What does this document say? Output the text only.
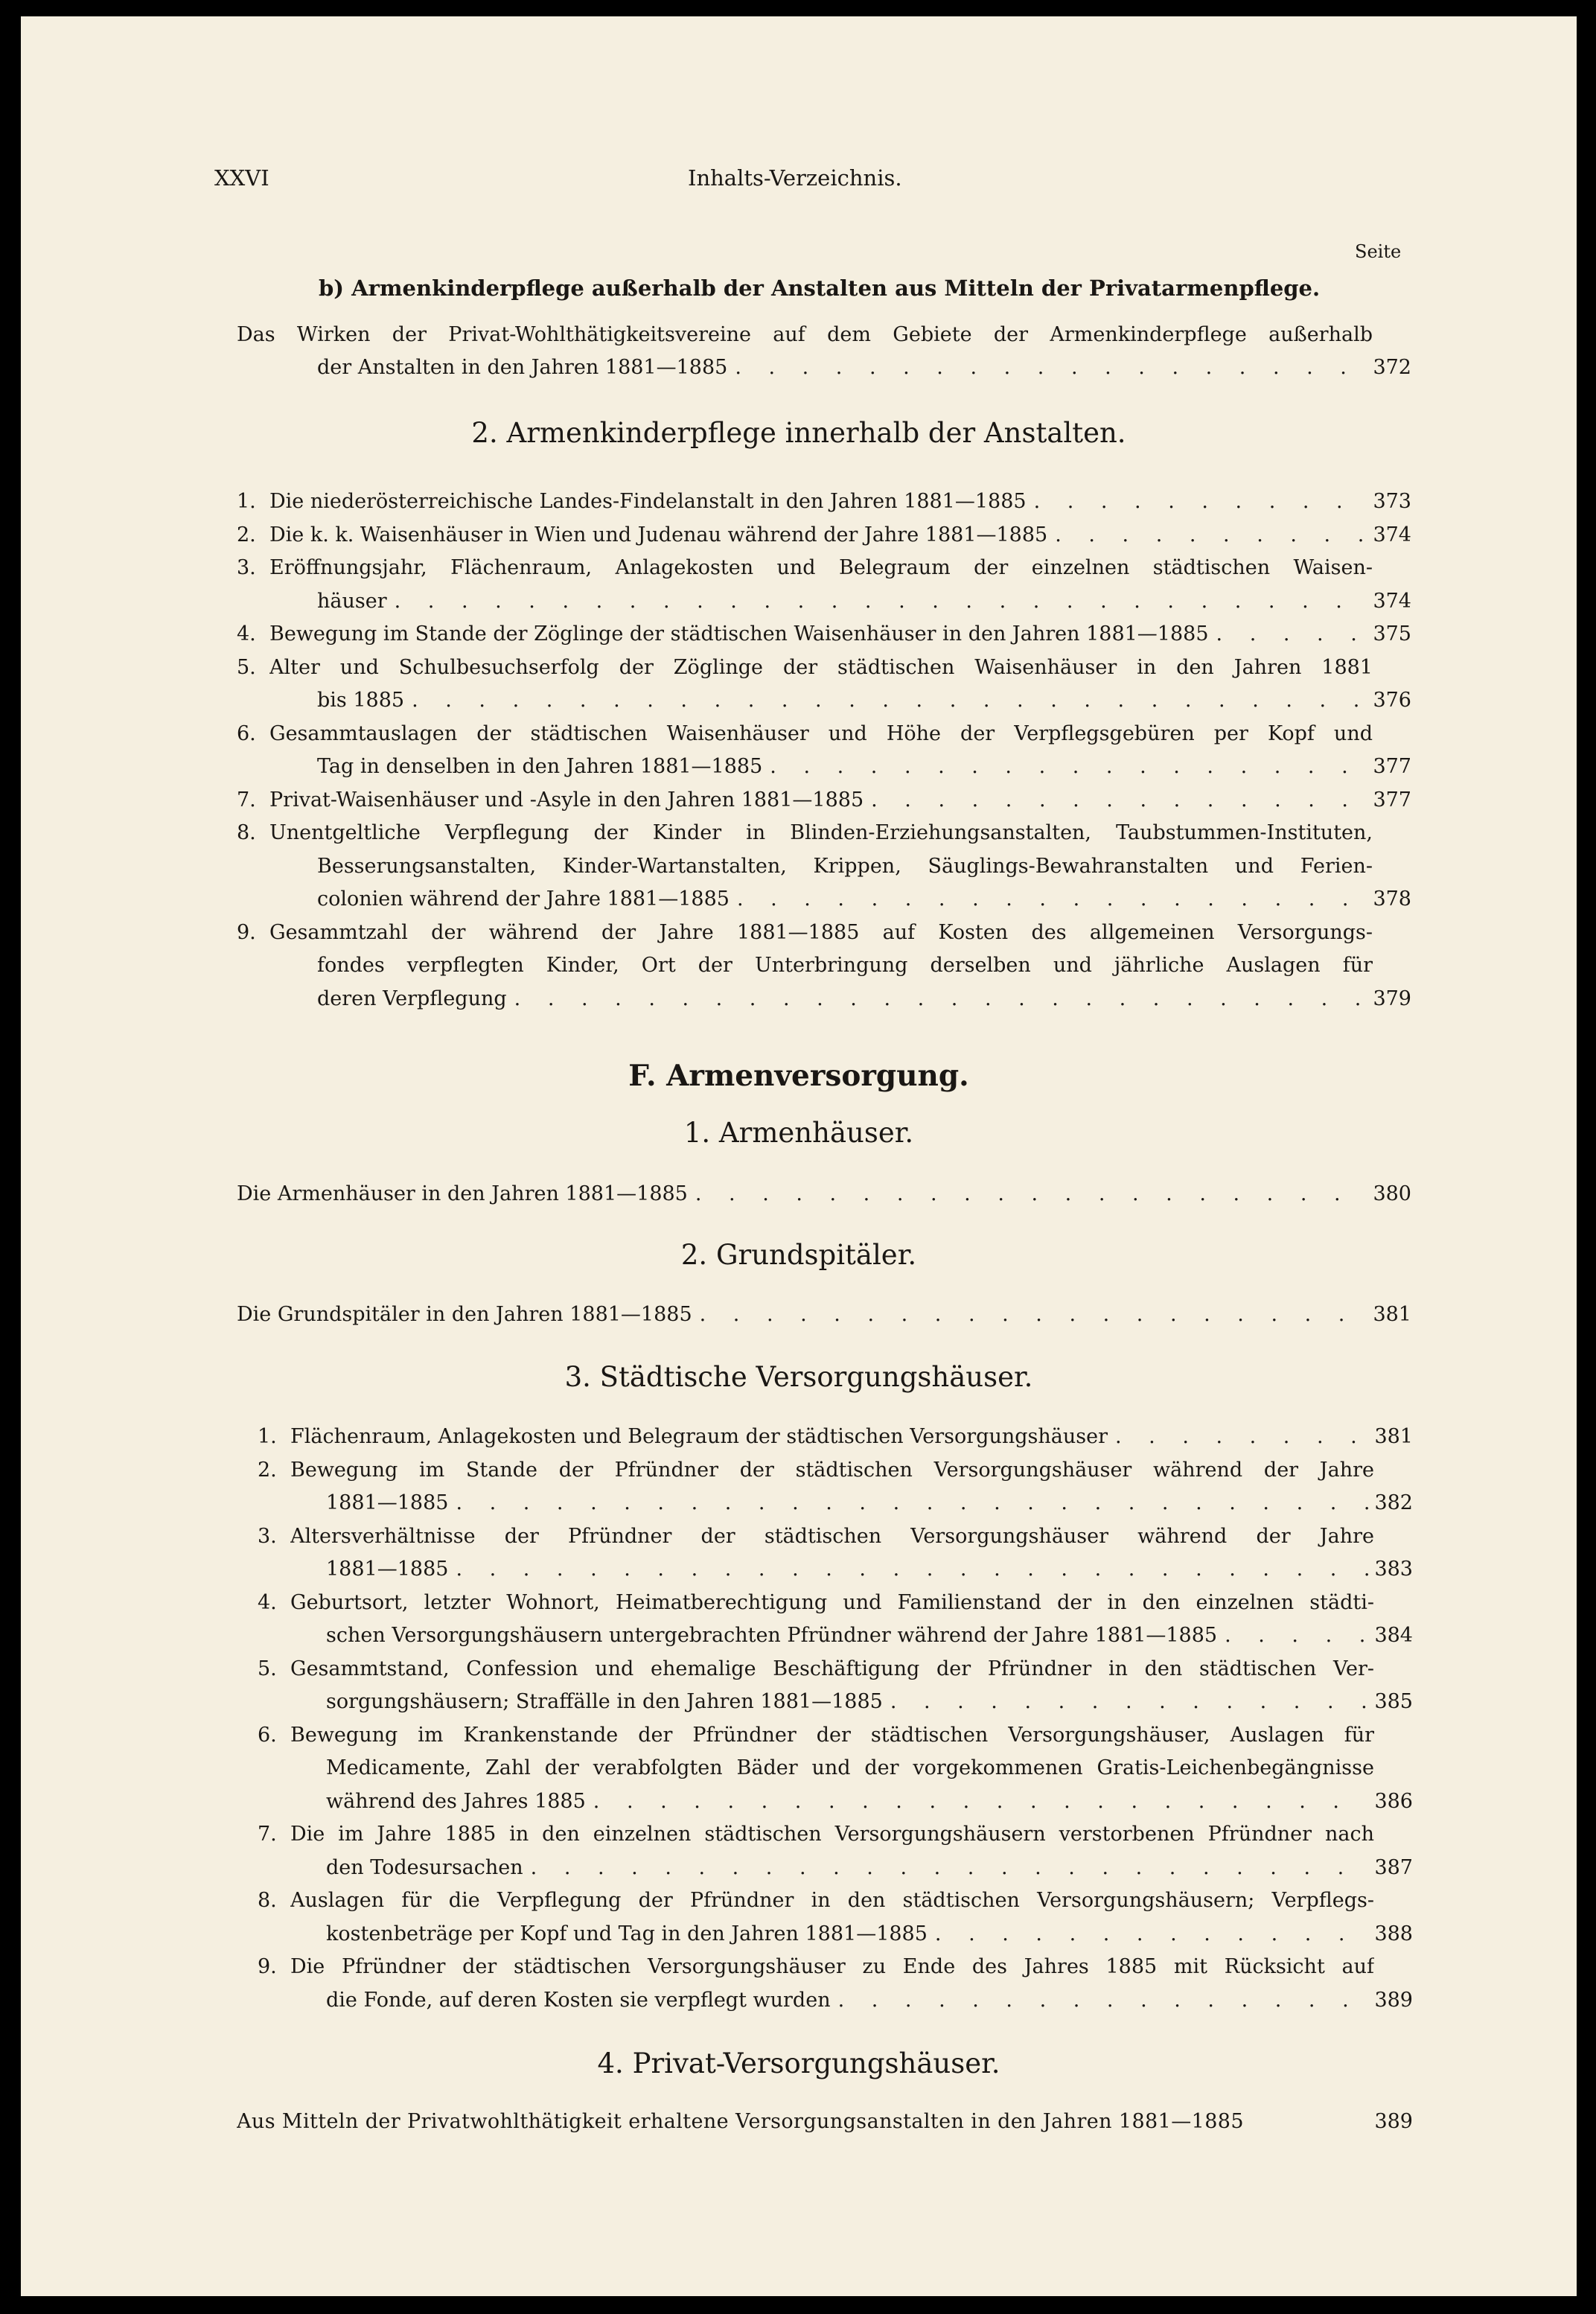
XXVI	Inhalts-Verzeichnis.
Seite
b) Armenkinderpflege außerhalb der Anstalten aus Mitteln der Privatarmenpflege.
Das Wirken der Privat-Wohlthätigkeitsvereine auf dem Gebiete der Armenkinderpflege außerhalb
der Anstalten in den Jahren 1881—1885 . . .	372
2. Armenkinderpflege innerhalb der Anstalten.
1. Die niederösterreichische Landes-Findelanstalt in den Jahren 1881—1885 . . .	373
2. Die k. k. Waisenhäuser in Wien und Judenau während der Jahre 1881—1885 . . .	374
3. Eröffnungsjahr, Flächenraum, Anlagekosten und Belegraum der einzelnen städtischen Waisen-
häuser . . .	374
4. Bewegung im Stande der Zöglinge der städtischen Waisenhäuser in den Jahren 1881—1885 . . .	375
5. Alter und Schulbesuchserfolg der Zöglinge der städtischen Waisenhäuser in den Jahren 1881
bis 1885 . . .	376
6. Gesammtauslagen der städtischen Waisenhäuser und Höhe der Verpflegsgebüren per Kopf und
Tag in denselben in den Jahren 1881—1885 . . .	377
7. Privat-Waisenhäuser und -Asyle in den Jahren 1881—1885 . . .	377
8. Unentgeltliche Verpflegung der Kinder in Blinden-Erziehungsanstalten, Taubstummen-Instituten,
Besserungsanstalten, Kinder-Wartanstalten, Krippen, Säuglings-Bewahranstalten und Ferien-
colonien während der Jahre 1881—1885 . . .	378
9. Gesammtzahl der während der Jahre 1881—1885 auf Kosten des allgemeinen Versorgungs-
fondes verpflegten Kinder, Ort der Unterbringung derselben und jährliche Auslagen für
deren Verpflegung . . .	379
F. Armenversorgung.
1. Armenhäuser.
Die Armenhäuser in den Jahren 1881—1885 . . .	380
2. Grundspitäler.
Die Grundspitäler in den Jahren 1881—1885 . . .	381
3. Städtische Versorgungshäuser.
1. Flächenraum, Anlagekosten und Belegraum der städtischen Versorgungshäuser . . .	381
2. Bewegung im Stande der Pfründner der städtischen Versorgungshäuser während der Jahre
1881—1885 . . .	382
3. Altersverhältnisse der Pfründner der städtischen Versorgungshäuser während der Jahre
1881—1885 . . .	383
4. Geburtsort, letzter Wohnort, Heimatberechtigung und Familienstand der in den einzelnen städti-
schen Versorgungshäusern untergebrachten Pfründner während der Jahre 1881—1885 . . .	384
5. Gesammtstand, Confession und ehemalige Beschäftigung der Pfründner in den städtischen Ver-
sorgungshäusern; Straffälle in den Jahren 1881—1885 . . .	385
6. Bewegung im Krankenstande der Pfründner der städtischen Versorgungshäuser, Auslagen für
Medicamente, Zahl der verabfolgten Bäder und der vorgekommenen Gratis-Leichenbegängnisse
während des Jahres 1885 . . .	386
7. Die im Jahre 1885 in den einzelnen städtischen Versorgungshäusern verstorbenen Pfründner nach
den Todesursachen . . .	387
8. Auslagen für die Verpflegung der Pfründner in den städtischen Versorgungshäusern; Verpflegs-
kostenbeträge per Kopf und Tag in den Jahren 1881—1885 . . .	388
9. Die Pfründner der städtischen Versorgungshäuser zu Ende des Jahres 1885 mit Rücksicht auf
die Fonde, auf deren Kosten sie verpflegt wurden . . .	389
4. Privat-Versorgungshäuser.
Aus Mitteln der Privatwohlthätigkeit erhaltene Versorgungsanstalten in den Jahren 1881—1885	389
